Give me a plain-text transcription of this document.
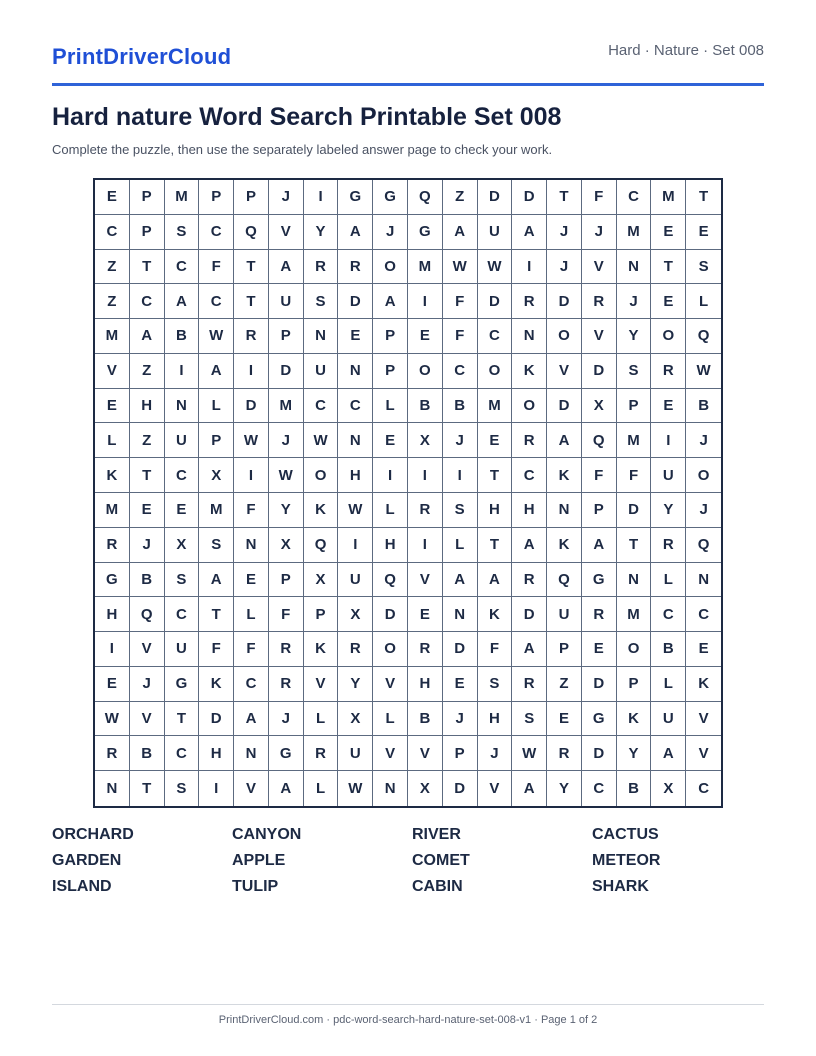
PrintDriverCloud	Hard · Nature · Set 008
Hard nature Word Search Printable Set 008
Complete the puzzle, then use the separately labeled answer page to check your work.
E	P	M	P	P	J	I	G	G	Q	Z	D	D	T	F	C	M	T
C	P	S	C	Q	V	Y	A	J	G	A	U	A	J	J	M	E	E
Z	T	C	F	T	A	R	R	O	M	W	W	I	J	V	N	T	S
Z	C	A	C	T	U	S	D	A	I	F	D	R	D	R	J	E	L
M	A	B	W	R	P	N	E	P	E	F	C	N	O	V	Y	O	Q
V	Z	I	A	I	D	U	N	P	O	C	O	K	V	D	S	R	W
E	H	N	L	D	M	C	C	L	B	B	M	O	D	X	P	E	B
L	Z	U	P	W	J	W	N	E	X	J	E	R	A	Q	M	I	J
K	T	C	X	I	W	O	H	I	I	I	T	C	K	F	F	U	O
M	E	E	M	F	Y	K	W	L	R	S	H	H	N	P	D	Y	J
R	J	X	S	N	X	Q	I	H	I	L	T	A	K	A	T	R	Q
G	B	S	A	E	P	X	U	Q	V	A	A	R	Q	G	N	L	N
H	Q	C	T	L	F	P	X	D	E	N	K	D	U	R	M	C	C
I	V	U	F	F	R	K	R	O	R	D	F	A	P	E	O	B	E
E	J	G	K	C	R	V	Y	V	H	E	S	R	Z	D	P	L	K
W	V	T	D	A	J	L	X	L	B	J	H	S	E	G	K	U	V
R	B	C	H	N	G	R	U	V	V	P	J	W	R	D	Y	A	V
N	T	S	I	V	A	L	W	N	X	D	V	A	Y	C	B	X	C
ORCHARD	CANYON	RIVER	CACTUS
GARDEN	APPLE	COMET	METEOR
ISLAND	TULIP	CABIN	SHARK
PrintDriverCloud.com · pdc-word-search-hard-nature-set-008-v1 · Page 1 of 2
